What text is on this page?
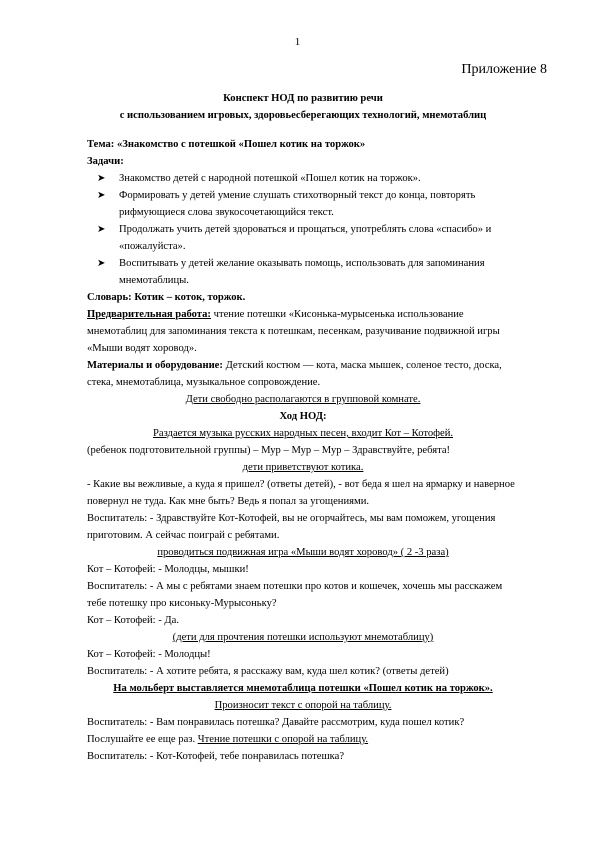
1
Приложение 8

Конспект НОД по развитию речи

с использованием игровых, здоровьесберегающих технологий, мнемотаблиц

Тема: «Знакомство с потешкой «Пошел котик на торжок»

Задачи:

➤ Знакомство детей с народной потешкой «Пошел котик на торжок».
➤ Формировать у детей умение слушать стихотворный текст до конца, повторять рифмующиеся слова звукосочетающийся текст.
➤ Продолжать учить детей здороваться и прощаться, употреблять слова «спасибо» и «пожалуйста».
➤ Воспитывать у детей желание оказывать помощь, использовать для запоминания мнемотаблицы.

Словарь: Котик – коток, торжок.

Предварительная работа: чтение потешки «Кисонька-мурысенька использование мнемотаблиц для запоминания текста к потешкам, песенкам, разучивание подвижной игры «Мыши водят хоровод».

Материалы и оборудование: Детский костюм — кота, маска мышек, соленое тесто, доска, стека, мнемотаблица, музыкальное сопровождение.

Дети свободно располагаются в групповой комнате.

Ход НОД:

Раздается музыка русских народных песен, входит Кот – Котофей.

(ребенок подготовительной группы) – Мур – Мур – Мур – Здравствуйте, ребята!

дети приветствуют котика.

- Какие вы вежливые, а куда я пришел? (ответы детей), - вот беда я шел на ярмарку и наверное повернул не туда. Как мне быть? Ведь я попал за угощениями.

Воспитатель: - Здравствуйте Кот-Котофей, вы не огорчайтесь, мы вам поможем, угощения приготовим. А сейчас поиграй с ребятами.

проводиться подвижная игра «Мыши водят хоровод» ( 2 -3 раза)

Кот – Котофей: - Молодцы, мышки!

Воспитатель: - А мы с ребятами знаем потешки про котов и кошечек, хочешь мы расскажем тебе потешку про кисоньку-Мурысоньку?

Кот – Котофей: - Да.

(дети для прочтения потешки используют мнемотаблицу)

Кот – Котофей: - Молодцы!

Воспитатель: - А хотите ребята, я расскажу вам, куда шел котик? (ответы детей)

На мольберт выставляется мнемотаблица потешки «Пошел котик на торжок».

Произносит текст с опорой на таблицу.

Воспитатель: - Вам понравилась потешка? Давайте рассмотрим, куда пошел котик?

Послушайте ее еще раз. Чтение потешки с опорой на таблицу.

Воспитатель: - Кот-Котофей, тебе понравилась потешка?
